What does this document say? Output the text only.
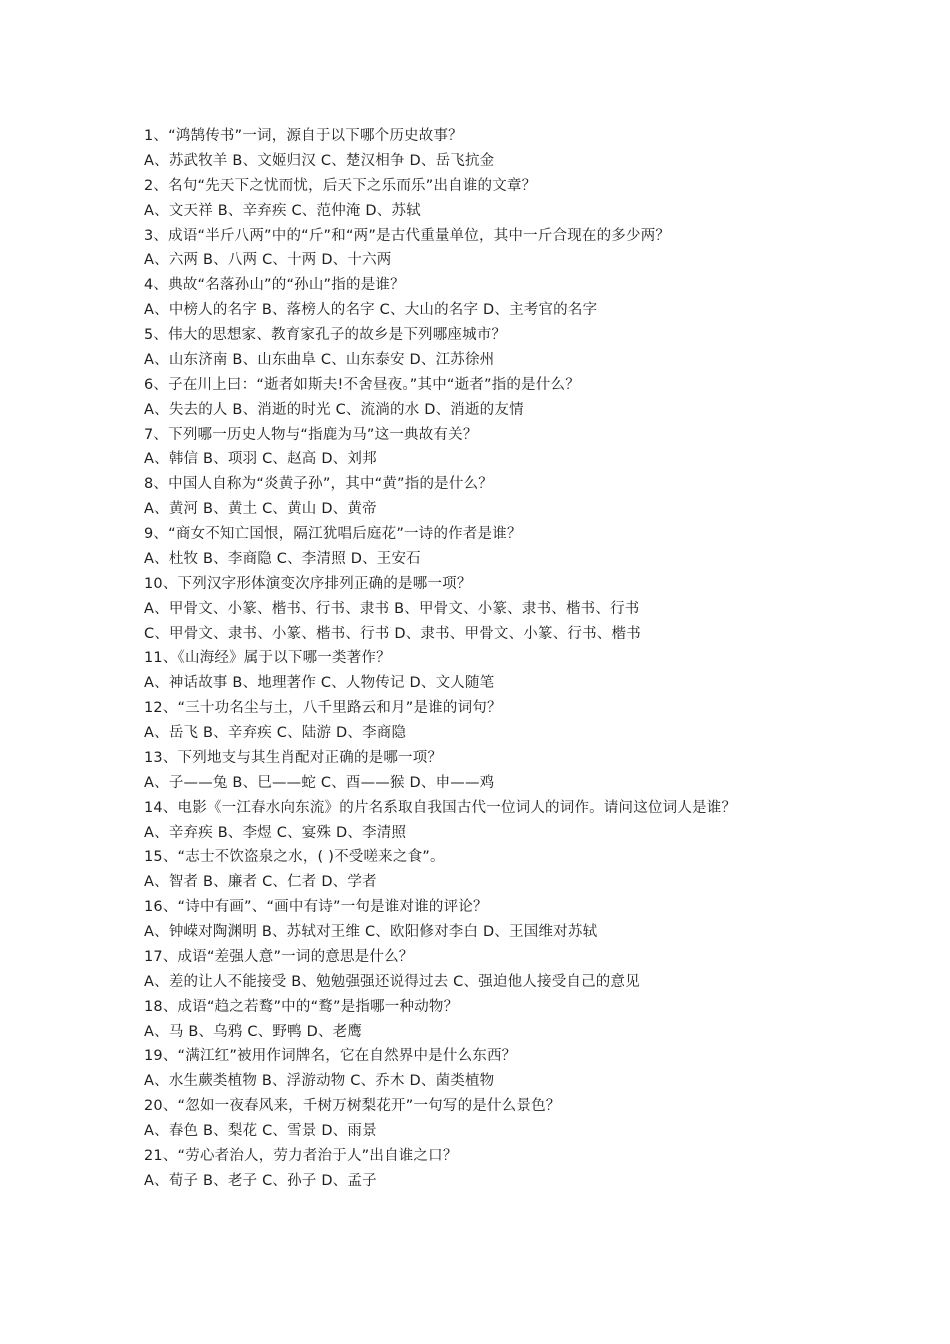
1、“鸿鹄传书”一词，源自于以下哪个历史故事？
A、苏武牧羊 B、文姬归汉 C、楚汉相争 D、岳飞抗金
2、名句“先天下之忧而忧，后天下之乐而乐”出自谁的文章？
A、文天祥 B、辛弃疾 C、范仲淹 D、苏轼
3、成语“半斤八两”中的“斤”和“两”是古代重量单位，其中一斤合现在的多少两？
A、六两 B、八两 C、十两 D、十六两
4、典故“名落孙山”的“孙山”指的是谁？
A、中榜人的名字 B、落榜人的名字 C、大山的名字 D、主考官的名字
5、伟大的思想家、教育家孔子的故乡是下列哪座城市？
A、山东济南 B、山东曲阜 C、山东泰安 D、江苏徐州
6、子在川上曰：“逝者如斯夫!不舍昼夜。”其中“逝者”指的是什么？
A、失去的人 B、消逝的时光 C、流淌的水 D、消逝的友情
7、下列哪一历史人物与“指鹿为马”这一典故有关？
A、韩信 B、项羽 C、赵高 D、刘邦
8、中国人自称为“炎黄子孙”，其中“黄”指的是什么？
A、黄河 B、黄土 C、黄山 D、黄帝
9、“商女不知亡国恨，隔江犹唱后庭花”一诗的作者是谁？
A、杜牧 B、李商隐 C、李清照 D、王安石
10、下列汉字形体演变次序排列正确的是哪一项？
A、甲骨文、小篆、楷书、行书、隶书 B、甲骨文、小篆、隶书、楷书、行书
C、甲骨文、隶书、小篆、楷书、行书 D、隶书、甲骨文、小篆、行书、楷书
11、《山海经》属于以下哪一类著作？
A、神话故事 B、地理著作 C、人物传记 D、文人随笔
12、“三十功名尘与土，八千里路云和月”是谁的词句？
A、岳飞 B、辛弃疾 C、陆游 D、李商隐
13、下列地支与其生肖配对正确的是哪一项？
A、子——兔 B、巳——蛇 C、酉——猴 D、申——鸡
14、电影《一江春水向东流》的片名系取自我国古代一位词人的词作。请问这位词人是谁？
A、辛弃疾 B、李煜 C、宴殊 D、李清照
15、“志士不饮盗泉之水，( )不受嗟来之食”。
A、智者 B、廉者 C、仁者 D、学者
16、“诗中有画”、“画中有诗”一句是谁对谁的评论？
A、钟嵘对陶渊明 B、苏轼对王维 C、欧阳修对李白 D、王国维对苏轼
17、成语“差强人意”一词的意思是什么？
A、差的让人不能接受 B、勉勉强强还说得过去 C、强迫他人接受自己的意见
18、成语“趋之若鹜”中的“鹜”是指哪一种动物？
A、马 B、乌鸦 C、野鸭 D、老鹰
19、“满江红”被用作词牌名，它在自然界中是什么东西？
A、水生蕨类植物 B、浮游动物 C、乔木 D、菌类植物
20、“忽如一夜春风来，千树万树梨花开”一句写的是什么景色？
A、春色 B、梨花 C、雪景 D、雨景
21、“劳心者治人，劳力者治于人”出自谁之口？
A、荀子 B、老子 C、孙子 D、孟子
